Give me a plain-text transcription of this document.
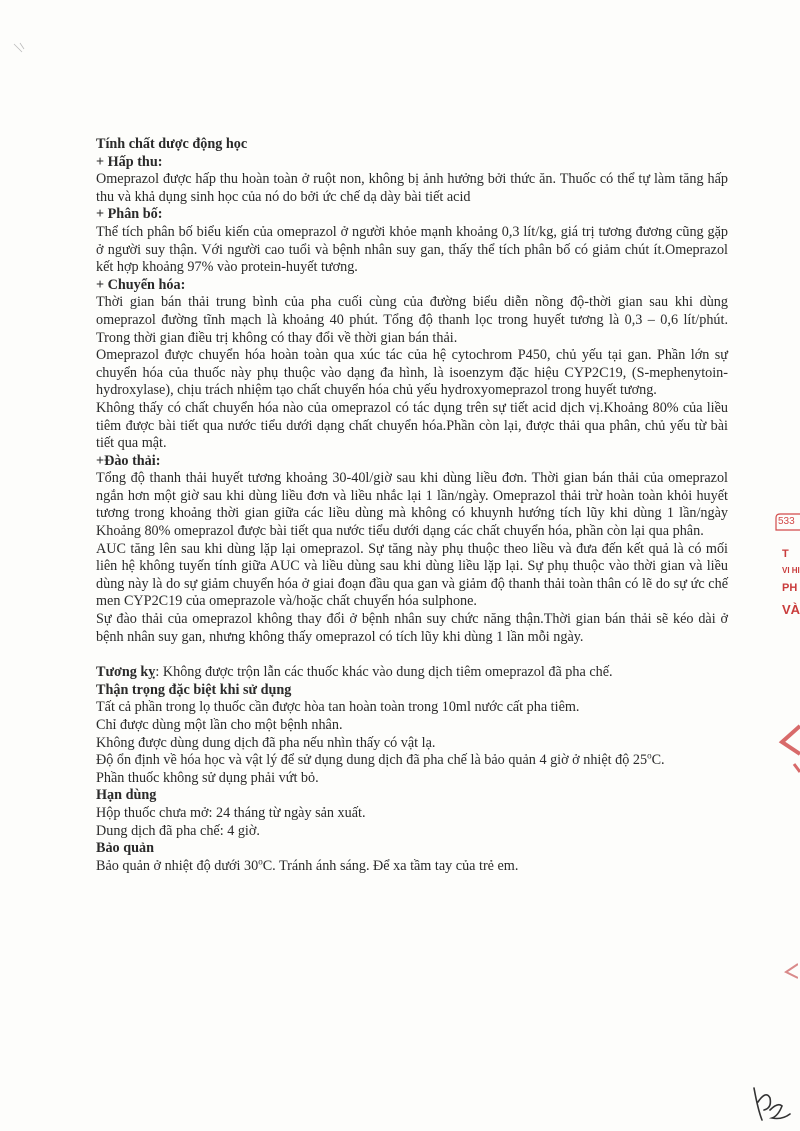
Tính chất dược động học

+ Hấp thu:

Omeprazol được hấp thu hoàn toàn ở ruột non, không bị ảnh hưởng bởi thức ăn. Thuốc có thể tự làm tăng hấp thu và khả dụng sinh học của nó do bởi ức chế dạ dày bài tiết acid

+ Phân bố:

Thể tích phân bố biểu kiến của omeprazol ở người khỏe mạnh khoảng 0,3 lít/kg, giá trị tương đương cũng gặp ở người suy thận. Với người cao tuổi và bệnh nhân suy gan, thấy thể tích phân bố có giảm chút ít.Omeprazol kết hợp khoảng 97% vào protein-huyết tương.

+ Chuyển hóa:

Thời gian bán thải trung bình của pha cuối cùng của đường biểu diễn nồng độ-thời gian sau khi dùng omeprazol đường tĩnh mạch là khoảng 40 phút. Tổng độ thanh lọc trong huyết tương là 0,3 – 0,6 lít/phút. Trong thời gian điều trị không có thay đổi về thời gian bán thải.

Omeprazol được chuyển hóa hoàn toàn qua xúc tác của hệ cytochrom P450, chủ yếu tại gan. Phần lớn sự chuyển hóa của thuốc này phụ thuộc vào dạng đa hình, là isoenzym đặc hiệu CYP2C19, (S-mephenytoin-hydroxylase), chịu trách nhiệm tạo chất chuyển hóa chủ yếu hydroxyomeprazol trong huyết tương.

Không thấy có chất chuyển hóa nào của omeprazol có tác dụng trên sự tiết acid dịch vị.Khoảng 80% của liều tiêm được bài tiết qua nước tiểu dưới dạng chất chuyển hóa.Phần còn lại, được thải qua phân, chủ yếu từ bài tiết qua mật.

+Đào thải:

Tổng độ thanh thải huyết tương khoảng 30-40l/giờ sau khi dùng liều đơn. Thời gian bán thải của omeprazol ngắn hơn một giờ sau khi dùng liều đơn và liều nhắc lại 1 lần/ngày. Omeprazol thải trừ hoàn toàn khỏi huyết tương trong khoảng thời gian giữa các liều dùng mà không có khuynh hướng tích lũy khi dùng 1 lần/ngày Khoảng 80% omeprazol được bài tiết qua nước tiểu dưới dạng các chất chuyển hóa, phần còn lại qua phân.

AUC tăng lên sau khi dùng lặp lại omeprazol. Sự tăng này phụ thuộc theo liều và đưa đến kết quả là có mối liên hệ không tuyến tính giữa AUC và liều dùng sau khi dùng liều lặp lại. Sự phụ thuộc vào thời gian và liều dùng này là do sự giảm chuyển hóa ở giai đoạn đầu qua gan và giảm độ thanh thải toàn thân có lẽ do sự ức chế men CYP2C19 của omeprazole và/hoặc chất chuyển hóa sulphone.

Sự đào thải của omeprazol không thay đổi ở bệnh nhân suy chức năng thận.Thời gian bán thải sẽ kéo dài ở bệnh nhân suy gan, nhưng không thấy omeprazol có tích lũy khi dùng 1 lần mỗi ngày.

Tương kỵ: Không được trộn lẫn các thuốc khác vào dung dịch tiêm omeprazol đã pha chế.

Thận trọng đặc biệt khi sử dụng

Tất cả phần trong lọ thuốc cần được hòa tan hoàn toàn trong 10ml nước cất pha tiêm.

Chỉ được dùng một lần cho một bệnh nhân.

Không được dùng dung dịch đã pha nếu nhìn thấy có vật lạ.

Độ ổn định về hóa học và vật lý để sử dụng dung dịch đã pha chế là bảo quản 4 giờ ở nhiệt độ 25$^o$C.

Phần thuốc không sử dụng phải vứt bỏ.

Hạn dùng

Hộp thuốc chưa mở: 24 tháng từ ngày sản xuất.

Dung dịch đã pha chế: 4 giờ.

Bảo quản

Bảo quản ở nhiệt độ dưới 30$^o$C. Tránh ánh sáng. Để xa tầm tay của trẻ em.

533
T
VI HI
PH
VÀ
